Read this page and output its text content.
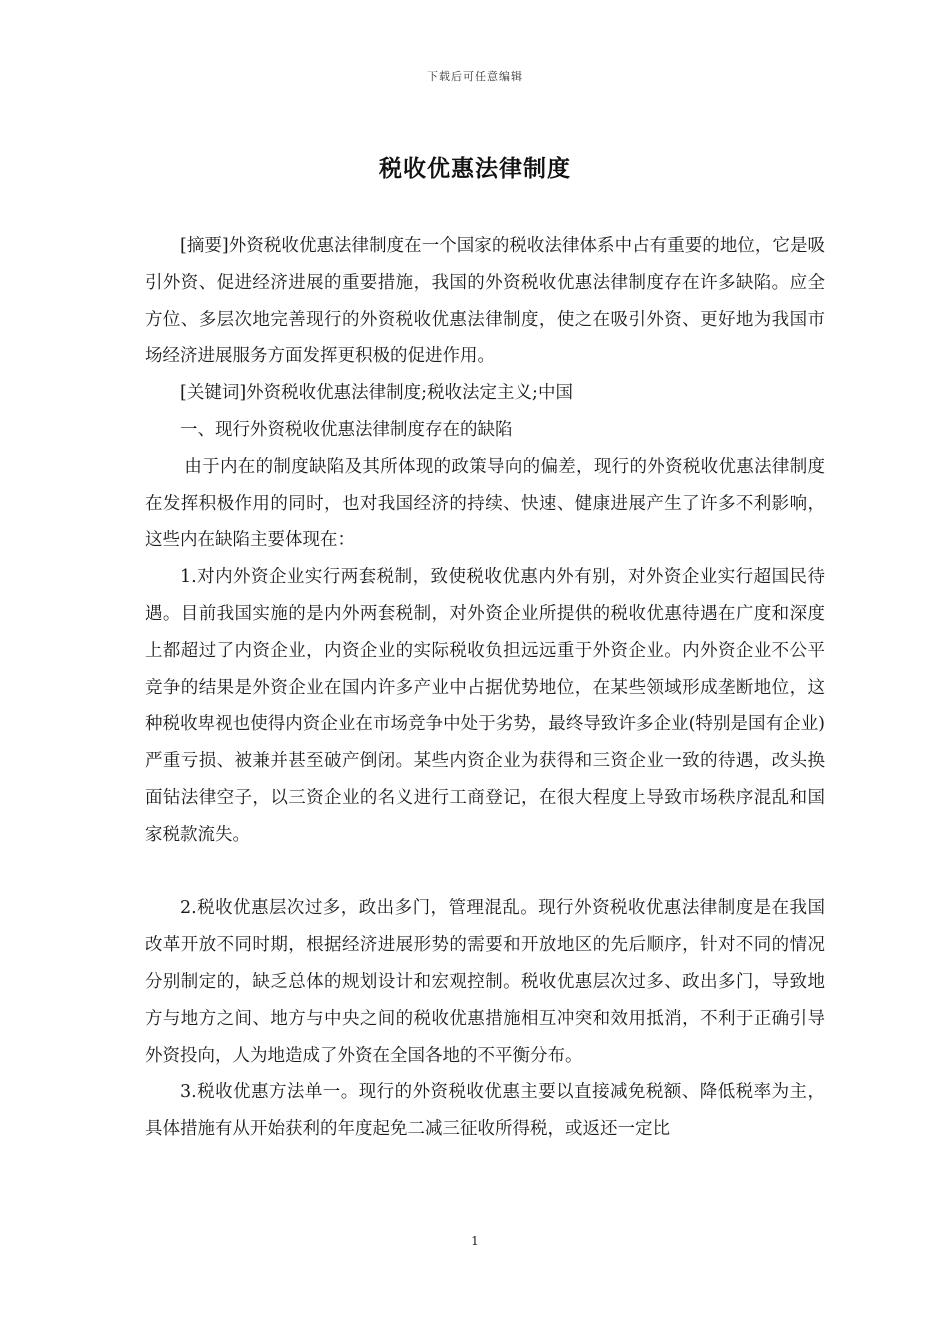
下载后可任意编辑
税收优惠法律制度

[摘要]外资税收优惠法律制度在一个国家的税收法律体系中占有重要的地位，它是吸引外资、促进经济进展的重要措施，我国的外资税收优惠法律制度存在许多缺陷。应全方位、多层次地完善现行的外资税收优惠法律制度，使之在吸引外资、更好地为我国市场经济进展服务方面发挥更积极的促进作用。

[关键词]外资税收优惠法律制度;税收法定主义;中国

一、现行外资税收优惠法律制度存在的缺陷

由于内在的制度缺陷及其所体现的政策导向的偏差，现行的外资税收优惠法律制度在发挥积极作用的同时，也对我国经济的持续、快速、健康进展产生了许多不利影响，这些内在缺陷主要体现在：

1.对内外资企业实行两套税制，致使税收优惠内外有别，对外资企业实行超国民待遇。目前我国实施的是内外两套税制，对外资企业所提供的税收优惠待遇在广度和深度上都超过了内资企业，内资企业的实际税收负担远远重于外资企业。内外资企业不公平竞争的结果是外资企业在国内许多产业中占据优势地位，在某些领域形成垄断地位，这种税收卑视也使得内资企业在市场竞争中处于劣势，最终导致许多企业(特别是国有企业)严重亏损、被兼并甚至破产倒闭。某些内资企业为获得和三资企业一致的待遇，改头换面钻法律空子，以三资企业的名义进行工商登记，在很大程度上导致市场秩序混乱和国家税款流失。

2.税收优惠层次过多，政出多门，管理混乱。现行外资税收优惠法律制度是在我国改革开放不同时期，根据经济进展形势的需要和开放地区的先后顺序，针对不同的情况分别制定的，缺乏总体的规划设计和宏观控制。税收优惠层次过多、政出多门，导致地方与地方之间、地方与中央之间的税收优惠措施相互冲突和效用抵消，不利于正确引导外资投向，人为地造成了外资在全国各地的不平衡分布。

3.税收优惠方法单一。现行的外资税收优惠主要以直接减免税额、降低税率为主，具体措施有从开始获利的年度起免二减三征收所得税，或返还一定比

1
